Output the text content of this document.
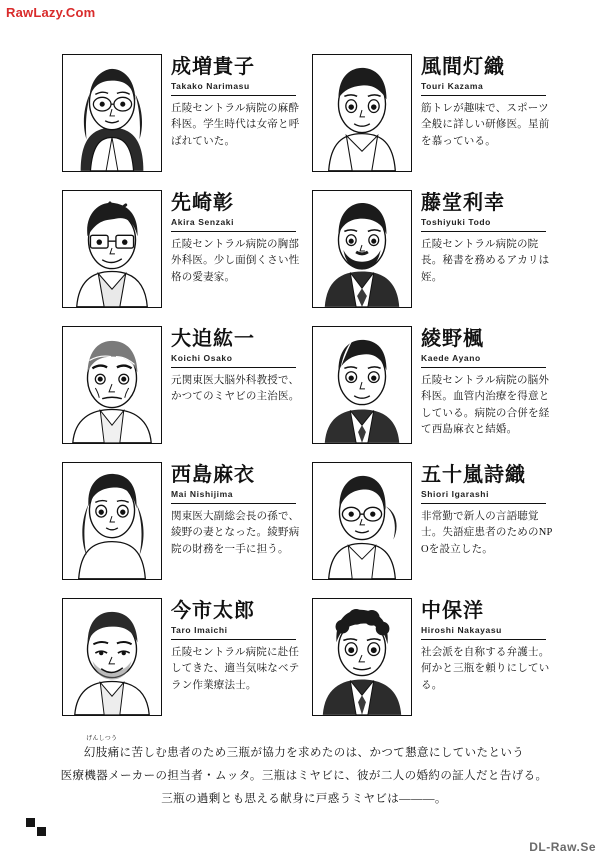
RawLazy.Com
成増貴子
Takako Narimasu
丘陵セントラル病院の麻酔科医。学生時代は女帝と呼ばれていた。
風間灯織
Touri Kazama
筋トレが趣味で、スポーツ全般に詳しい研修医。星前を慕っている。
先崎彰
Akira Senzaki
丘陵セントラル病院の胸部外科医。少し面倒くさい性格の愛妻家。
藤堂利幸
Toshiyuki Todo
丘陵セントラル病院の院長。秘書を務めるアカリは姪。
大迫紘一
Koichi Osako
元関東医大脳外科教授で、かつてのミヤビの主治医。
綾野楓
Kaede Ayano
丘陵セントラル病院の脳外科医。血管内治療を得意としている。病院の合併を経て西島麻衣と結婚。
西島麻衣
Mai Nishijima
関東医大副総会長の孫で、綾野の妻となった。綾野病院の財務を一手に担う。
五十嵐詩織
Shiori Igarashi
非常勤で新人の言語聴覚士。失語症患者のためのNPOを設立した。
今市太郎
Taro Imaichi
丘陵セントラル病院に赴任してきた、適当気味なベテラン作業療法士。
中保洋
Hiroshi Nakayasu
社会派を自称する弁護士。何かと三瓶を頼りにしている。
げんしつう
幻肢痛に苦しむ患者のため三瓶が協力を求めたのは、かつて懇意にしていたという
医療機器メーカーの担当者・ムッタ。三瓶はミヤビに、彼が二人の婚約の証人だと告げる。
三瓶の過剰とも思える献身に戸惑うミヤビは———。
DL-Raw.Se
